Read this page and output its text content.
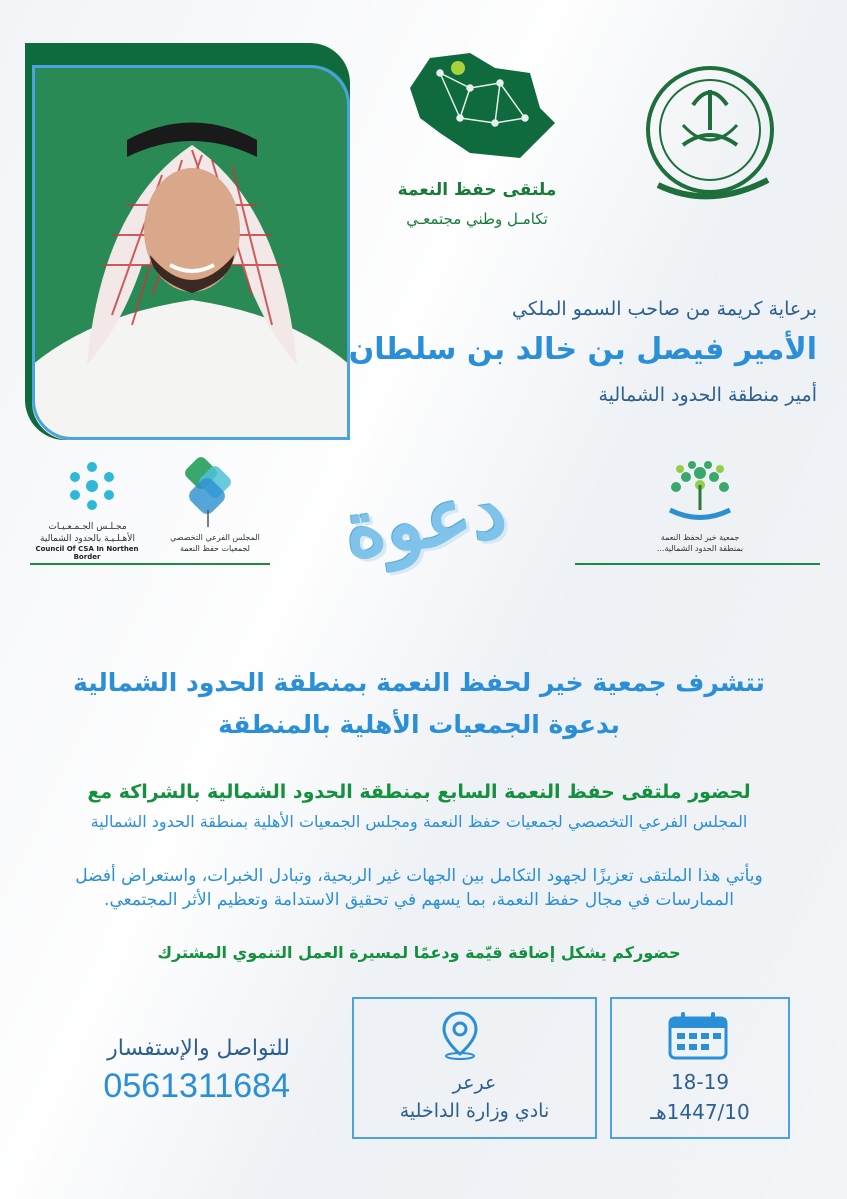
ملتقى حفظ النعمة
تكامـل وطني مجتمعـي
برعاية كريمة من صاحب السمو الملكي
الأمير فيصل بن خالد بن سلطان
أمير منطقة الحدود الشمالية
مجـلـس الجـمـعـيـات
الأهـلـيـة بالحدود الشمالية
Council Of CSA In Northen Border
المجلس الفرعي التخصصي
لجمعيات حفظ النعمة
جمعية خير لحفظ النعمة
بمنطقة الحدود الشمالية...
دعوة
تتشرف جمعية خير لحفظ النعمة بمنطقة الحدود الشمالية
بدعوة الجمعيات الأهلية بالمنطقة
لحضور ملتقى حفظ النعمة السابع بمنطقة الحدود الشمالية بالشراكة مع
المجلس الفرعي التخصصي لجمعيات حفظ النعمة ومجلس الجمعيات الأهلية بمنطقة الحدود الشمالية
ويأتي هذا الملتقى تعزيزًا لجهود التكامل بين الجهات غير الربحية، وتبادل الخبرات، واستعراض أفضل
الممارسات في مجال حفظ النعمة، بما يسهم في تحقيق الاستدامة وتعظيم الأثر المجتمعي.
حضوركم يشكل إضافة قيّمة ودعمًا لمسيرة العمل التنموي المشترك
18-19
1447/10هـ
عرعر
نادي وزارة الداخلية
للتواصل والإستفسار
0561311684
